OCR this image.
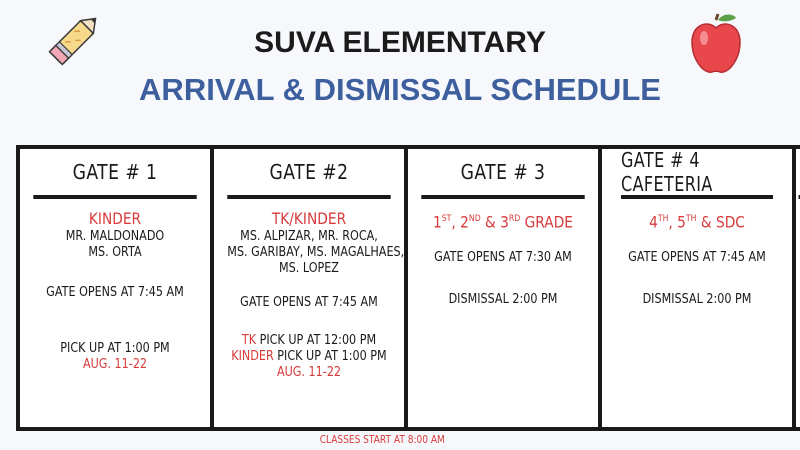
SUVA ELEMENTARY
ARRIVAL & DISMISSAL SCHEDULE
GATE # 1
KINDER
MR. MALDONADO
MS. ORTA
GATE OPENS AT 7:45 AM
PICK UP AT 1:00 PM
AUG. 11-22
GATE #2
TK/KINDER
MS. ALPIZAR, MR. ROCA,
MS. GARIBAY, MS. MAGALHAES,
MS. LOPEZ
GATE OPENS AT 7:45 AM
TK PICK UP AT 12:00 PM
KINDER PICK UP AT 1:00 PM
AUG. 11-22
GATE # 3
1ST, 2ND & 3RD GRADE
GATE OPENS AT 7:30 AM
DISMISSAL 2:00 PM
GATE # 4 CAFETERIA
4TH, 5TH & SDC
GATE OPENS AT 7:45 AM
DISMISSAL 2:00 PM
CLASSES START AT 8:00 AM
